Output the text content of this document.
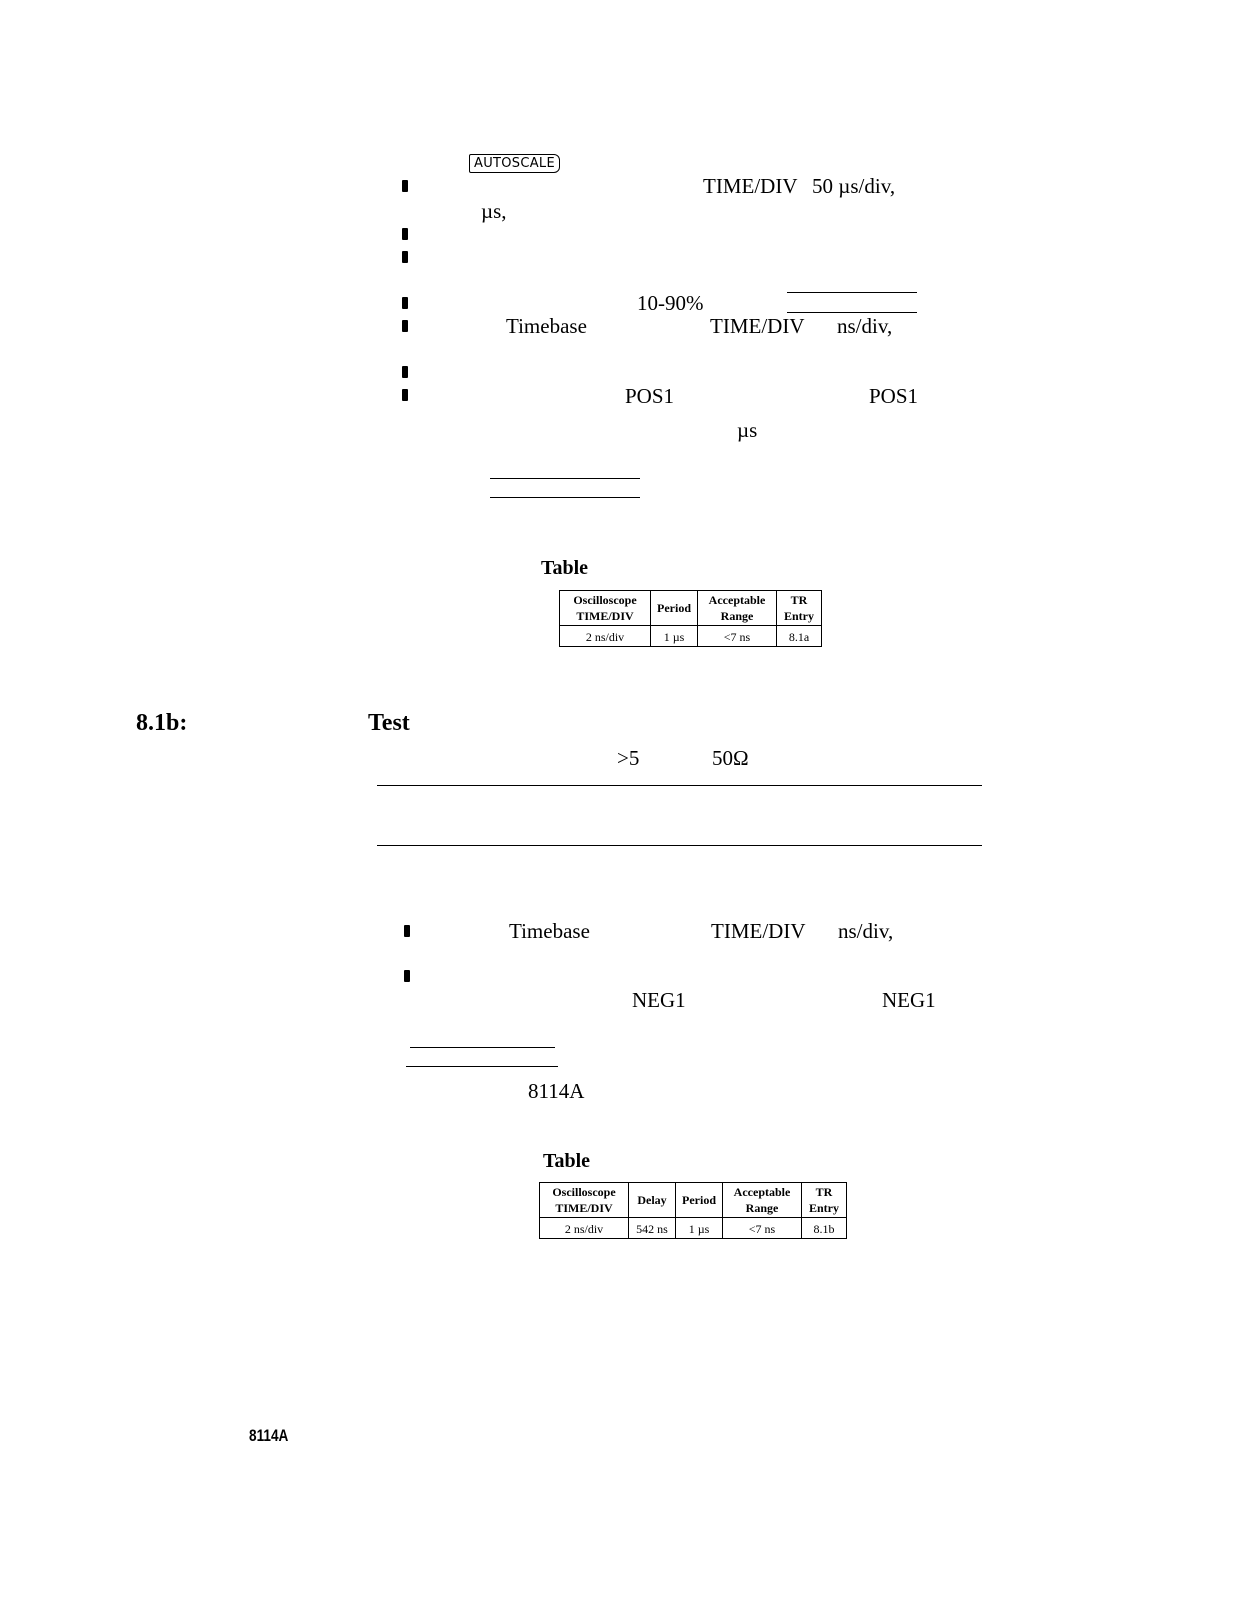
AUTOSCALE
TIME/DIV 50 µs/div,
µs,
10-90%
Timebase	TIME/DIV ns/div,
POS1	POS1
µs
Table
Oscilloscope TIME/DIV	Period	Acceptable Range	TR Entry
2 ns/div	1 µs	<7 ns	8.1a
8.1b:	Test
>5	50Ω
Timebase	TIME/DIV ns/div,
NEG1	NEG1
8114A
Table
Oscilloscope TIME/DIV	Delay	Period	Acceptable Range	TR Entry
2 ns/div	542 ns	1 µs	<7 ns	8.1b
8114A
